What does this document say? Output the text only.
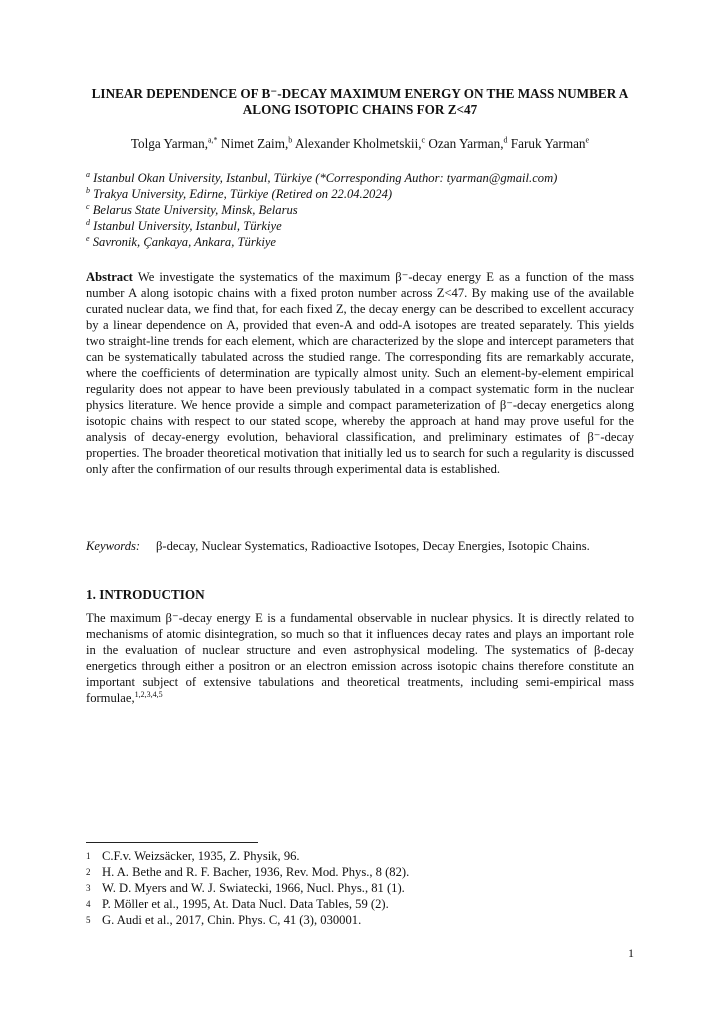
LINEAR DEPENDENCE OF Β⁻-DECAY MAXIMUM ENERGY ON THE MASS NUMBER A ALONG ISOTOPIC CHAINS FOR Z<47
Tolga Yarman,$^{a,*}$ Nimet Zaim,$^b$ Alexander Kholmetskii,$^c$ Ozan Yarman,$^d$ Faruk Yarman$^e$
$^a$ Istanbul Okan University, Istanbul, Türkiye (*Corresponding Author: tyarman@gmail.com)
$^b$ Trakya University, Edirne, Türkiye (Retired on 22.04.2024)
$^c$ Belarus State University, Minsk, Belarus
$^d$ Istanbul University, Istanbul, Türkiye
$^e$ Savronik, Çankaya, Ankara, Türkiye
Abstract We investigate the systematics of the maximum β⁻-decay energy E as a function of the mass number A along isotopic chains with a fixed proton number across Z<47. By making use of the available curated nuclear data, we find that, for each fixed Z, the decay energy can be described to excellent accuracy by a linear dependence on A, provided that even-A and odd-A isotopes are treated separately. This yields two straight-line trends for each element, which are characterized by the slope and intercept parameters that can be systematically tabulated across the studied range. The corresponding fits are remarkably accurate, where the coefficients of determination are typically almost unity. Such an element-by-element empirical regularity does not appear to have been previously tabulated in a compact systematic form in the nuclear physics literature. We hence provide a simple and compact parameterization of β⁻-decay energetics along isotopic chains with respect to our stated scope, whereby the approach at hand may prove useful for the analysis of decay-energy evolution, behavioral classification, and preliminary estimates of β⁻-decay properties. The broader theoretical motivation that initially led us to search for such a regularity is discussed only after the confirmation of our results through experimental data is established.
Keywords:	β-decay, Nuclear Systematics, Radioactive Isotopes, Decay Energies, Isotopic Chains.
1. INTRODUCTION
The maximum β⁻-decay energy E is a fundamental observable in nuclear physics. It is directly related to mechanisms of atomic disintegration, so much so that it influences decay rates and plays an important role in the evaluation of nuclear structure and even astrophysical modeling. The systematics of β-decay energetics through either a positron or an electron emission across isotopic chains therefore constitute an important subject of extensive tabulations and theoretical treatments, including semi-empirical mass formulae,$^{1,2,3,4,5}$
1 C.F.v. Weizsäcker, 1935, Z. Physik, 96.
2 H. A. Bethe and R. F. Bacher, 1936, Rev. Mod. Phys., 8 (82).
3 W. D. Myers and W. J. Swiatecki, 1966, Nucl. Phys., 81 (1).
4 P. Möller et al., 1995, At. Data Nucl. Data Tables, 59 (2).
5 G. Audi et al., 2017, Chin. Phys. C, 41 (3), 030001.
1
